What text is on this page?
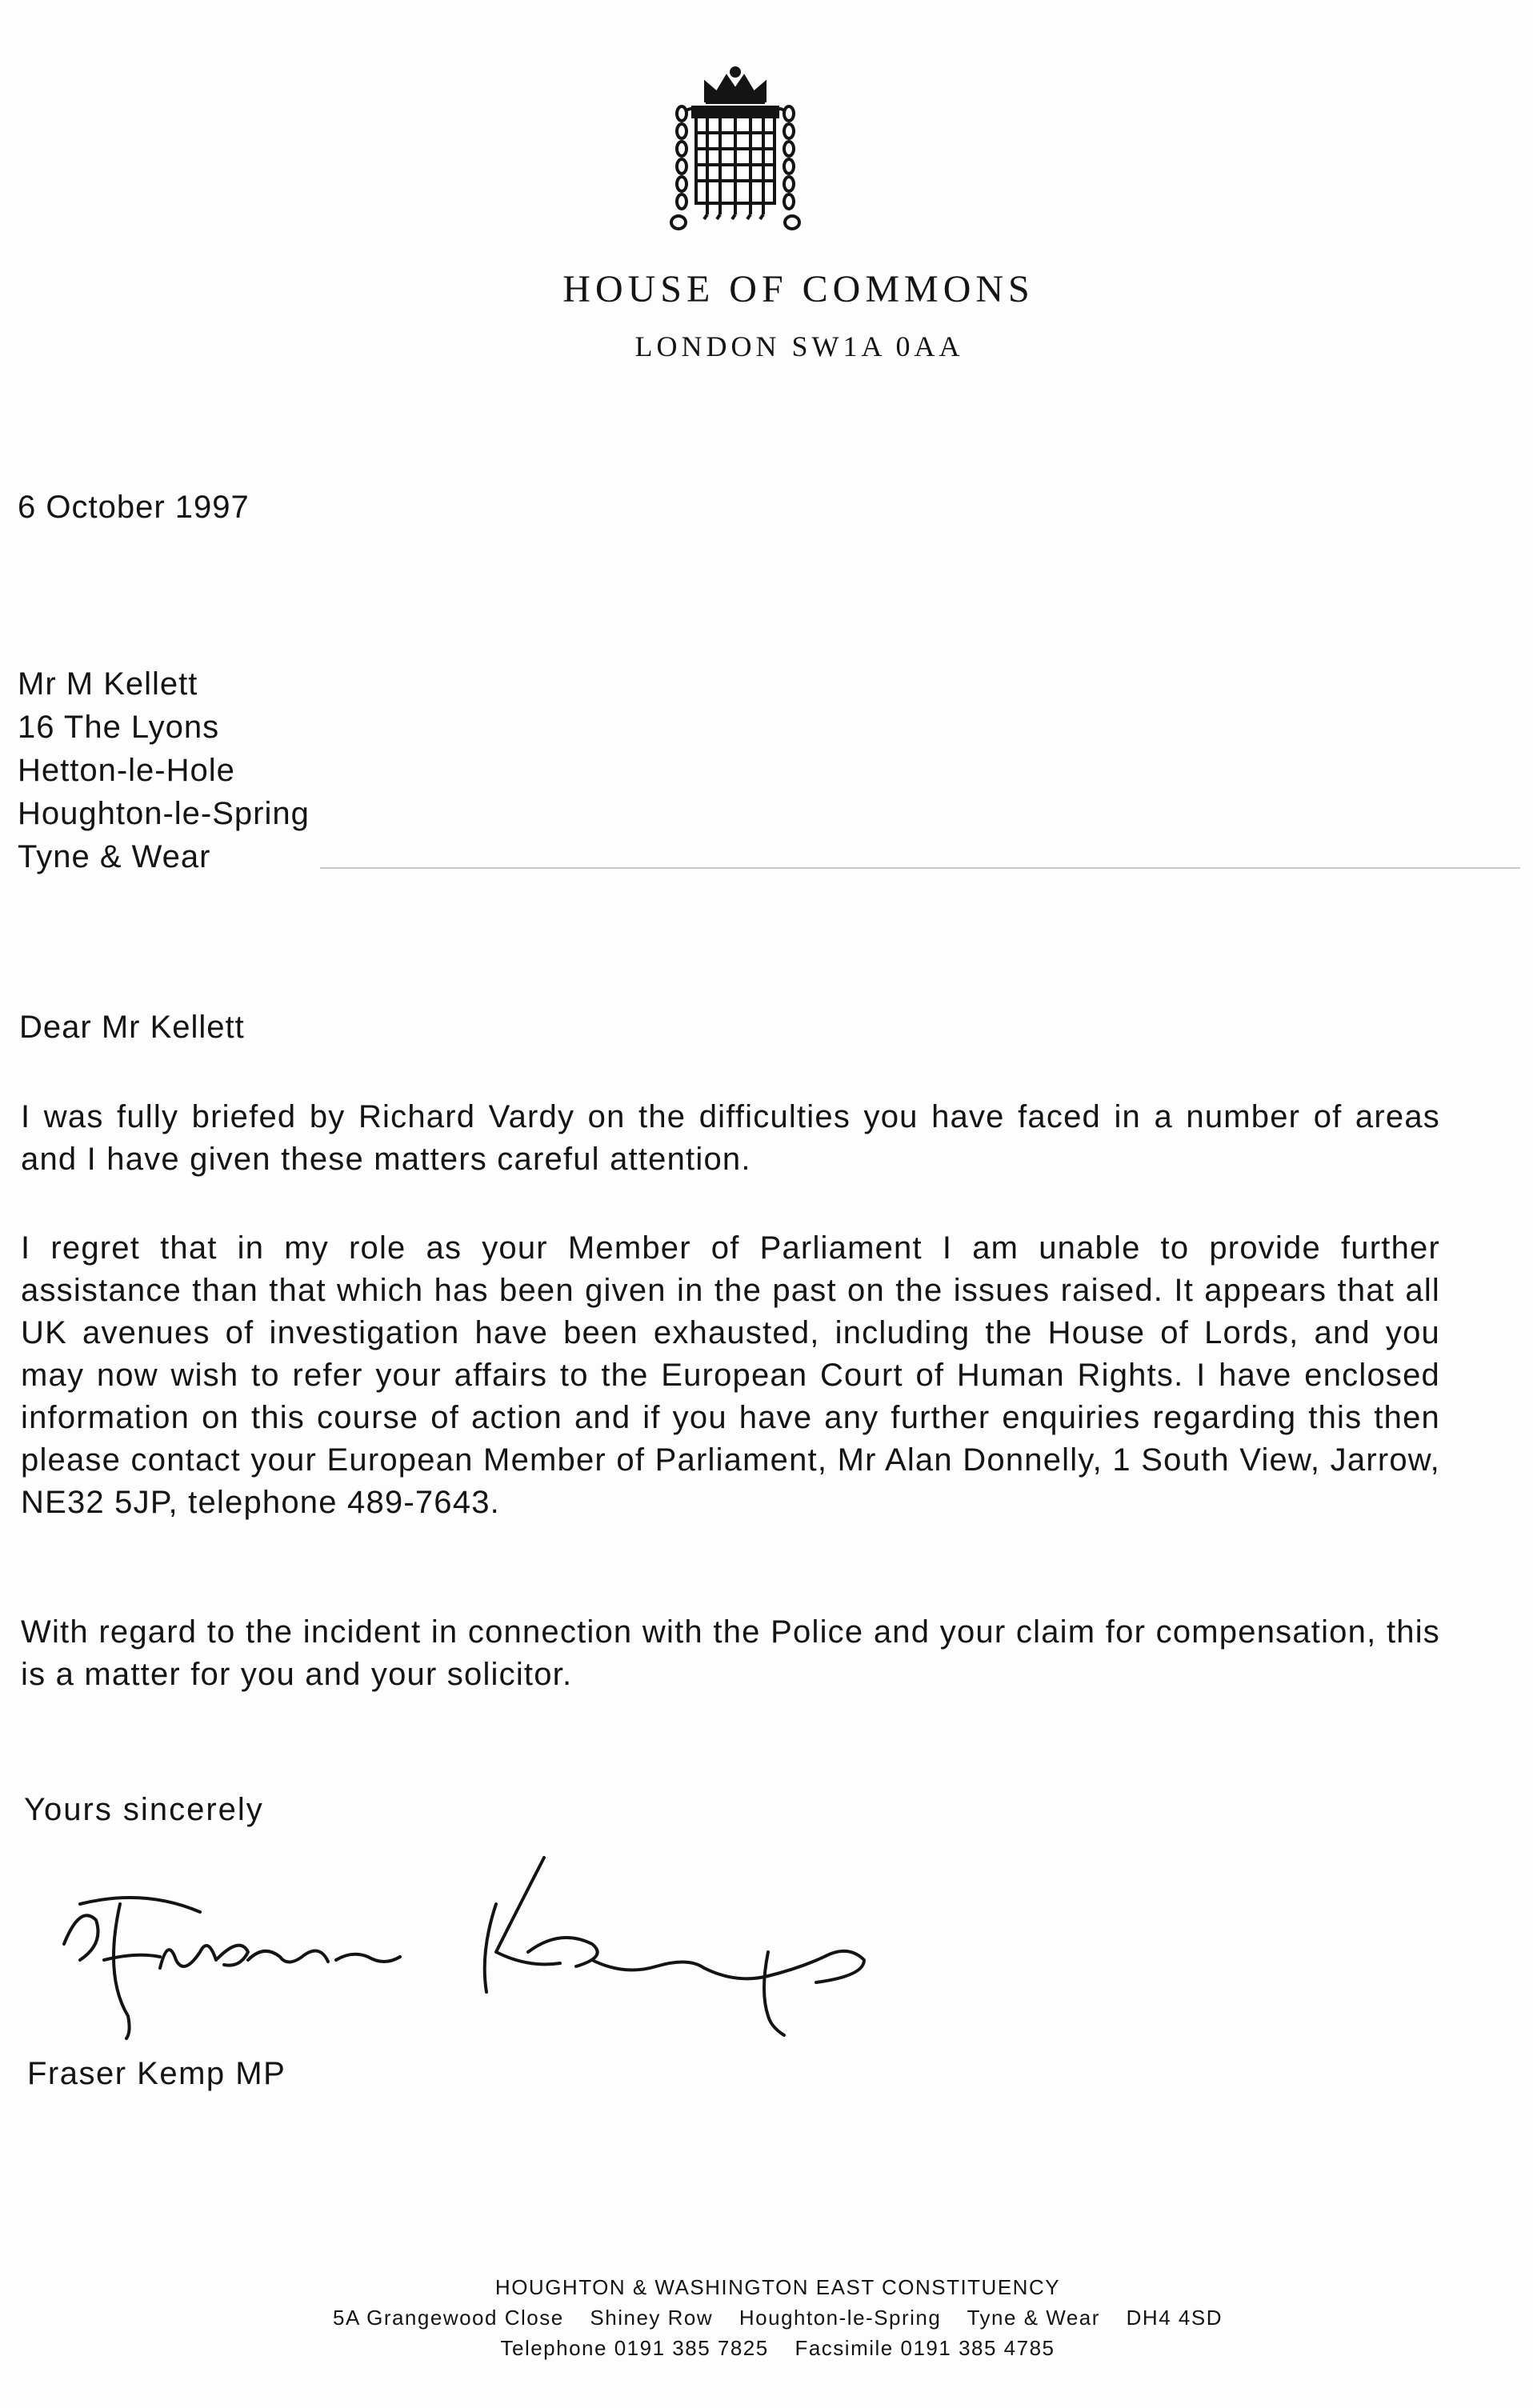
HOUSE OF COMMONS
LONDON SW1A 0AA
6 October 1997
Mr M Kellett
16 The Lyons
Hetton-le-Hole
Houghton-le-Spring
Tyne & Wear
Dear Mr Kellett

I was fully briefed by Richard Vardy on the difficulties you have faced in a number of areas and I have given these matters careful attention.

I regret that in my role as your Member of Parliament I am unable to provide further assistance than that which has been given in the past on the issues raised. It appears that all UK avenues of investigation have been exhausted, including the House of Lords, and you may now wish to refer your affairs to the European Court of Human Rights. I have enclosed information on this course of action and if you have any further enquiries regarding this then please contact your European Member of Parliament, Mr Alan Donnelly, 1 South View, Jarrow, NE32 5JP, telephone 489-7643.

With regard to the incident in connection with the Police and your claim for compensation, this is a matter for you and your solicitor.

Yours sincerely
Fraser Kemp MP
HOUGHTON & WASHINGTON EAST CONSTITUENCY
5A Grangewood Close Shiney Row Houghton-le-Spring Tyne & Wear DH4 4SD
Telephone 0191 385 7825 Facsimile 0191 385 4785
